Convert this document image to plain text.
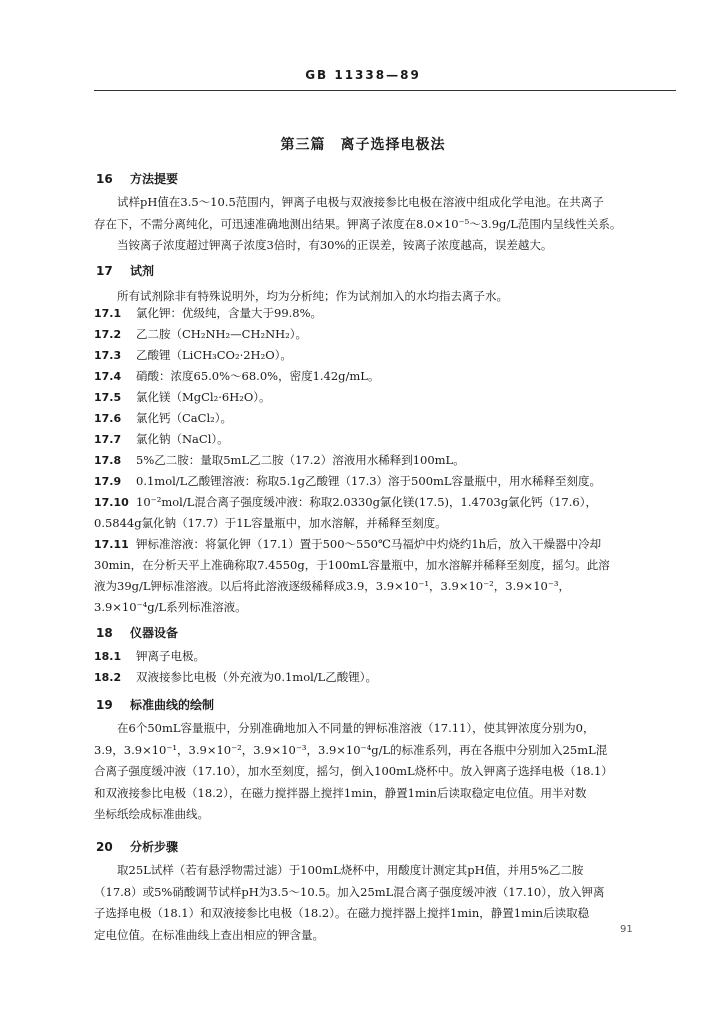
GB 11338—89
第三篇　离子选择电极法
16 方法提要
试样pH值在3.5～10.5范围内，钾离子电极与双液接参比电极在溶液中组成化学电池。在共离子
存在下，不需分离纯化，可迅速准确地测出结果。钾离子浓度在8.0×10⁻⁵～3.9g/L范围内呈线性关系。
当铵离子浓度超过钾离子浓度3倍时，有30%的正误差，铵离子浓度越高，误差越大。
17 试剂
所有试剂除非有特殊说明外，均为分析纯；作为试剂加入的水均指去离子水。
17.1 氯化钾：优级纯，含量大于99.8%。
17.2 乙二胺（CH₂NH₂—CH₂NH₂）。
17.3 乙酸锂（LiCH₃CO₂·2H₂O）。
17.4 硝酸：浓度65.0%～68.0%，密度1.42g/mL。
17.5 氯化镁（MgCl₂·6H₂O）。
17.6 氯化钙（CaCl₂）。
17.7 氯化钠（NaCl）。
17.8 5%乙二胺：量取5mL乙二胺（17.2）溶液用水稀释到100mL。
17.9 0.1mol/L乙酸锂溶液：称取5.1g乙酸锂（17.3）溶于500mL容量瓶中，用水稀释至刻度。
17.10 10⁻²mol/L混合离子强度缓冲液：称取2.0330g氯化镁(17.5)，1.4703g氯化钙（17.6），
0.5844g氯化钠（17.7）于1L容量瓶中，加水溶解，并稀释至刻度。
17.11 钾标准溶液：将氯化钾（17.1）置于500～550℃马福炉中灼烧约1h后，放入干燥器中冷却
30min，在分析天平上准确称取7.4550g，于100mL容量瓶中，加水溶解并稀释至刻度，摇匀。此溶
液为39g/L钾标准溶液。以后将此溶液逐级稀释成3.9，3.9×10⁻¹，3.9×10⁻²，3.9×10⁻³，
3.9×10⁻⁴g/L系列标准溶液。
18 仪器设备
18.1 钾离子电极。
18.2 双液接参比电极（外充液为0.1mol/L乙酸锂）。
19 标准曲线的绘制
在6个50mL容量瓶中，分别准确地加入不同量的钾标准溶液（17.11），使其钾浓度分别为0，
3.9，3.9×10⁻¹，3.9×10⁻²，3.9×10⁻³，3.9×10⁻⁴g/L的标准系列，再在各瓶中分别加入25mL混
合离子强度缓冲液（17.10），加水至刻度，摇匀，倒入100mL烧杯中。放入钾离子选择电极（18.1）
和双液接参比电极（18.2），在磁力搅拌器上搅拌1min，静置1min后读取稳定电位值。用半对数
坐标纸绘成标准曲线。
20 分析步骤
取25L试样（若有悬浮物需过滤）于100mL烧杯中，用酸度计测定其pH值，并用5%乙二胺
（17.8）或5%硝酸调节试样pH为3.5～10.5。加入25mL混合离子强度缓冲液（17.10），放入钾离
子选择电极（18.1）和双液接参比电极（18.2）。在磁力搅拌器上搅拌1min，静置1min后读取稳
定电位值。在标准曲线上查出相应的钾含量。	91
